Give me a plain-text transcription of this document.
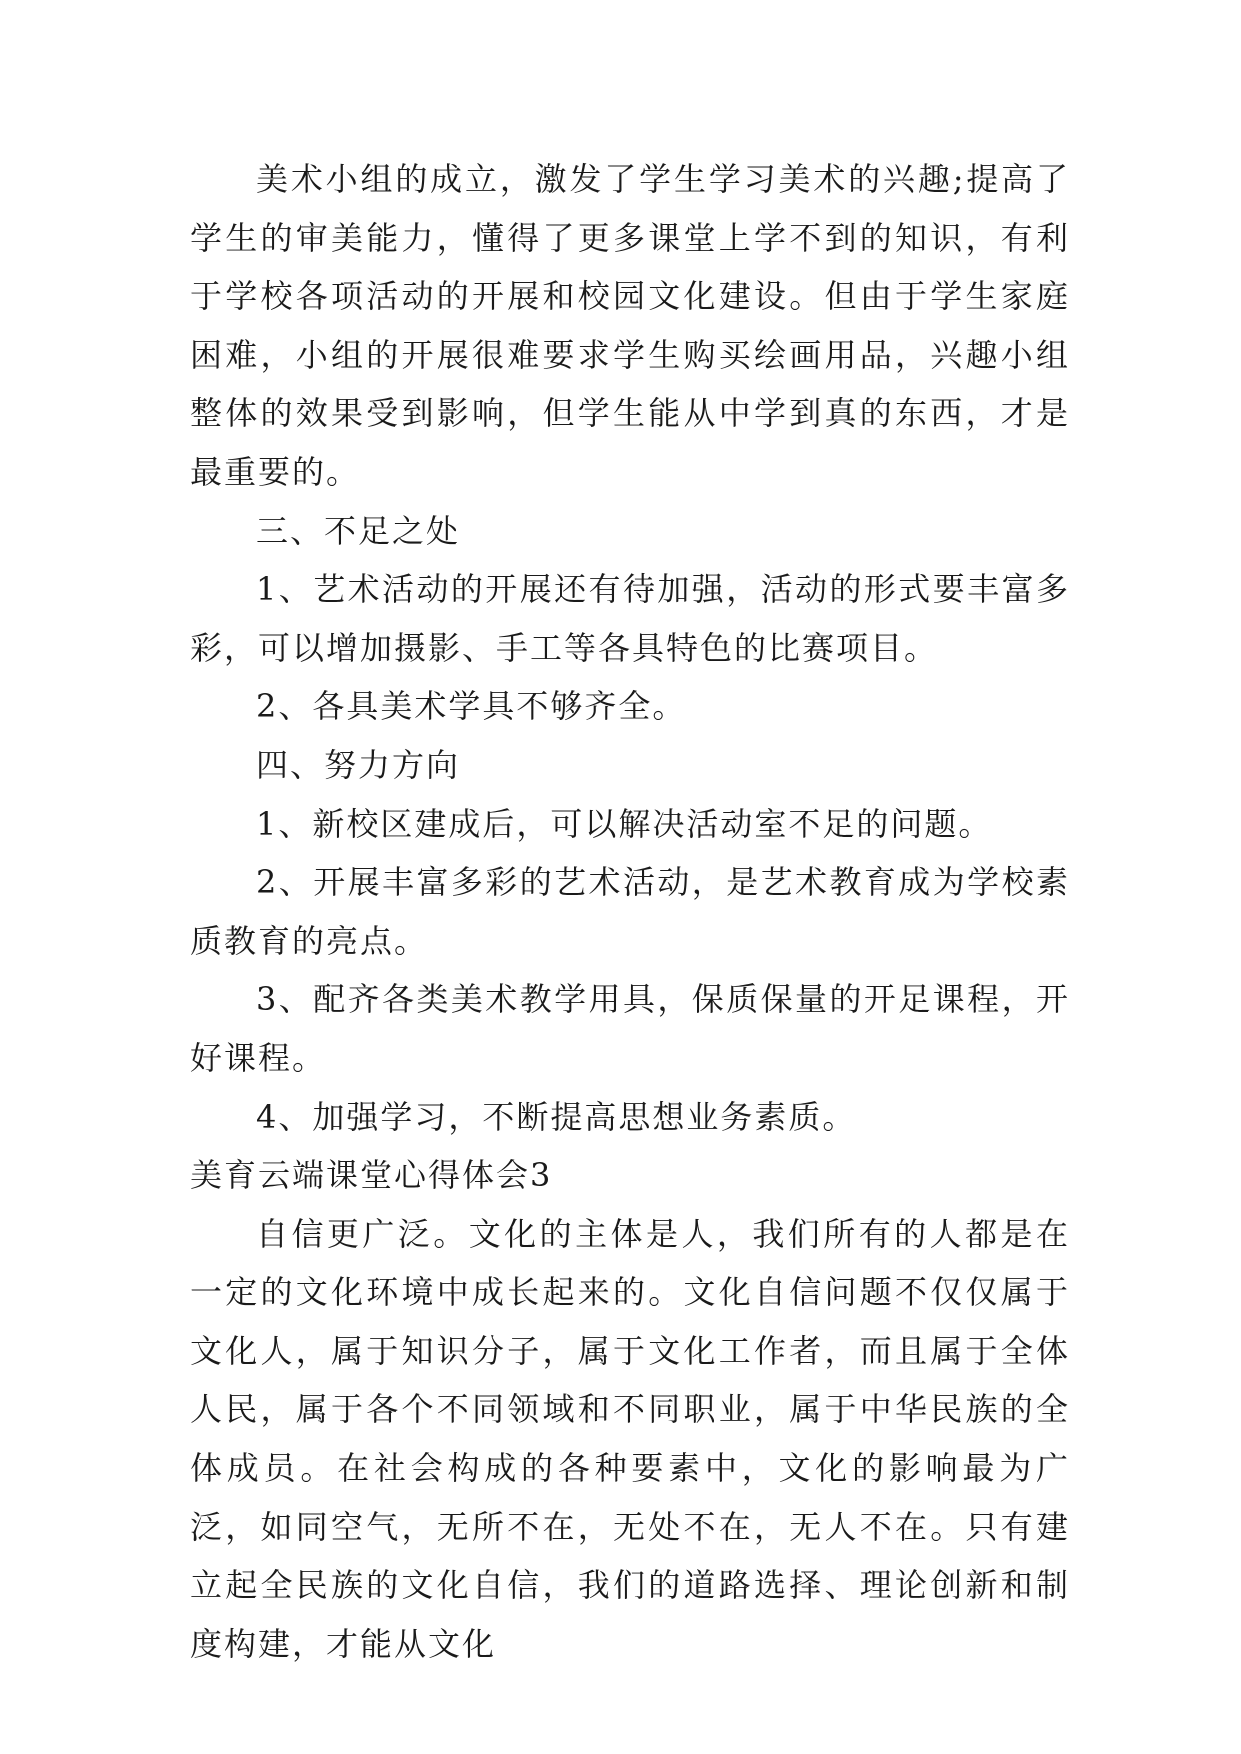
美术小组的成立，激发了学生学习美术的兴趣;提高了学生的审美能力，懂得了更多课堂上学不到的知识，有利于学校各项活动的开展和校园文化建设。但由于学生家庭困难，小组的开展很难要求学生购买绘画用品，兴趣小组整体的效果受到影响，但学生能从中学到真的东西，才是最重要的。

三、不足之处

1、艺术活动的开展还有待加强，活动的形式要丰富多彩，可以增加摄影、手工等各具特色的比赛项目。

2、各具美术学具不够齐全。

四、努力方向

1、新校区建成后，可以解决活动室不足的问题。

2、开展丰富多彩的艺术活动，是艺术教育成为学校素质教育的亮点。

3、配齐各类美术教学用具，保质保量的开足课程，开好课程。

4、加强学习，不断提高思想业务素质。

美育云端课堂心得体会3

自信更广泛。文化的主体是人，我们所有的人都是在一定的文化环境中成长起来的。文化自信问题不仅仅属于文化人，属于知识分子，属于文化工作者，而且属于全体人民，属于各个不同领域和不同职业，属于中华民族的全体成员。在社会构成的各种要素中，文化的影响最为广泛，如同空气，无所不在，无处不在，无人不在。只有建立起全民族的文化自信，我们的道路选择、理论创新和制度构建，才能从文化
